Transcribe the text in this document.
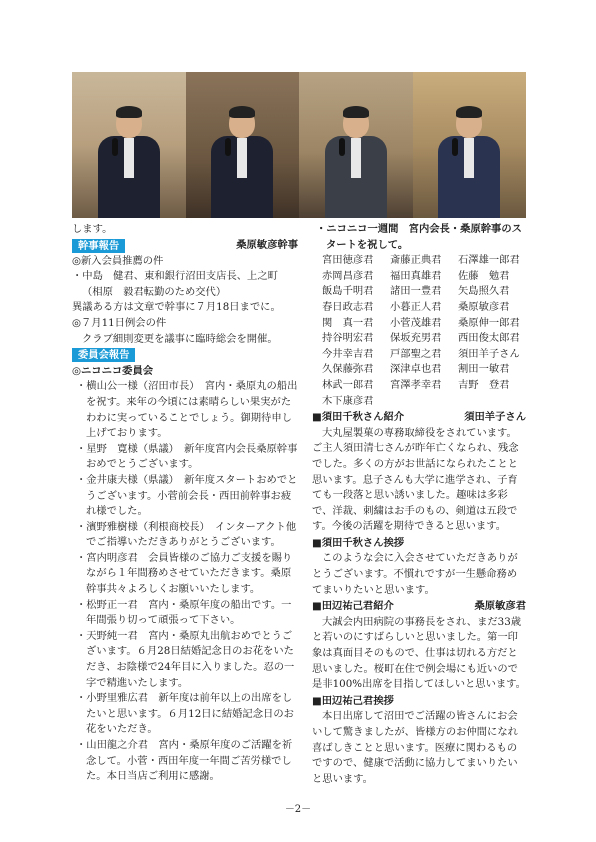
します。
幹事報告	桑原敏彦幹事
◎新入会員推薦の件
・中島　健君、東和銀行沼田支店長、上之町
（相原　毅君転勤のため交代）
異議ある方は文章で幹事に７月18日までに。
◎７月11日例会の件
クラブ細則変更を議事に臨時総会を開催。
委員会報告
◎ニコニコ委員会
・横山公一様（沼田市長）　宮内・桑原丸の船出を祝す。来年の今頃には素晴らしい果実がたわわに実っていることでしょう。御期待申し上げております。
・星野　寛様（県議）　新年度宮内会長桑原幹事おめでとうございます。
・金井康夫様（県議）　新年度スタートおめでとうございます。小菅前会長・西田前幹事お疲れ様でした。
・濱野雅樹様（利根商校長）　インターアクト他でご指導いただきありがとうございます。
・宮内明彦君　会員皆様のご協力ご支援を賜りながら１年間務めさせていただきます。桑原幹事共々よろしくお願いいたします。
・松野正一君　宮内・桑原年度の船出です。一年間張り切って頑張って下さい。
・天野純一君　宮内・桑原丸出航おめでとうございます。６月28日結婚記念日のお花をいただき、お陰様で24年目に入りました。忍の一字で精進いたします。
・小野里雅広君　新年度は前年以上の出席をしたいと思います。６月12日に結婚記念日のお花をいただき。
・山田龍之介君　宮内・桑原年度のご活躍を祈念して。小菅・西田年度一年間ご苦労様でした。本日当店ご利用に感謝。
・ニコニコ一週間　宮内会長・桑原幹事のスタートを祝して。
宮田徳彦君	斎藤正典君	石澤雄一郎君
赤岡昌彦君	福田真雄君	佐藤　勉君
飯島千明君	諸田一豊君	矢島照久君
春日政志君	小暮正人君	桑原敏彦君
関　真一君	小菅茂雄君	桑原伸一郎君
持谷明宏君	保坂充男君	西田俊太郎君
今井幸吉君	戸部聖之君	須田羊子さん
久保藤弥君	深津卓也君	割田一敏君
林武一郎君	宮澤孝幸君	吉野　登君
木下康彦君
■須田千秋さん紹介	須田羊子さん
大丸屋製菓の専務取締役をされています。ご主人須田清七さんが昨年亡くなられ、残念でした。多くの方がお世話になられたことと思います。息子さんも大学に進学され、子育ても一段落と思い誘いました。趣味は多彩で、洋裁、刺繍はお手のもの、剣道は五段です。今後の活躍を期待できると思います。
■須田千秋さん挨拶
このような会に入会させていただきありがとうございます。不慣れですが一生懸命務めてまいりたいと思います。
■田辺祐己君紹介	桑原敏彦君
大誠会内田病院の事務長をされ、まだ33歳と若いのにすばらしいと思いました。第一印象は真面目そのもので、仕事は切れる方だと思いました。桜町在住で例会場にも近いので是非100%出席を目指してほしいと思います。
■田辺祐己君挨拶
本日出席して沼田でご活躍の皆さんにお会いして驚きましたが、皆様方のお仲間になれ喜ばしきことと思います。医療に関わるものですので、健康で活動に協力してまいりたいと思います。
－2－
